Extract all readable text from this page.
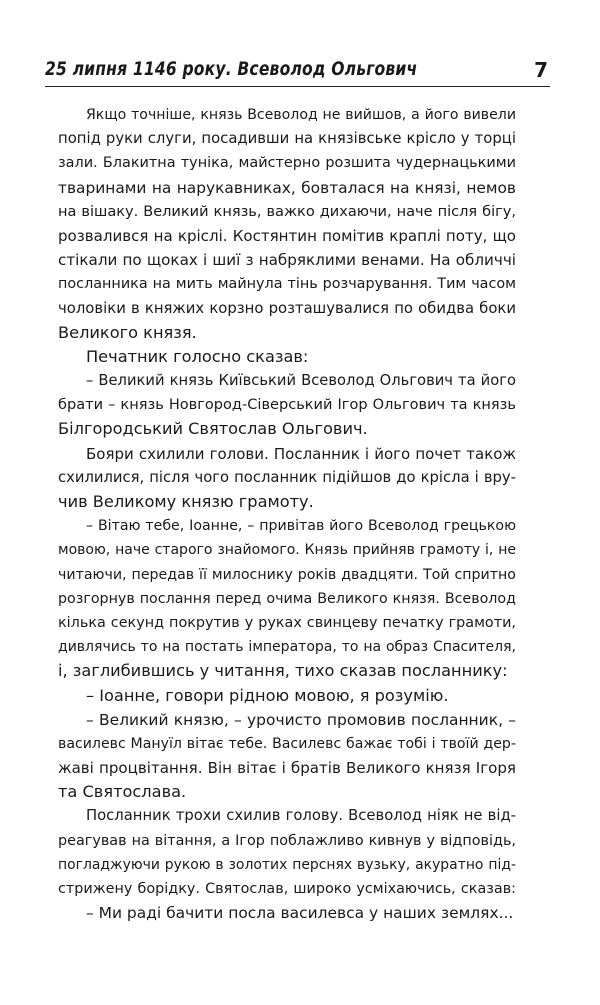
25 липня 1146 року. Всеволод Ольгович	7
Якщо точніше, князь Всеволод не вийшов, а його вивели
попід руки слуги, посадивши на князівське крісло у торці
зали. Блакитна туніка, майстерно розшита чудернацькими
тваринами на нарукавниках, бовталася на князі, немов
на вішаку. Великий князь, важко дихаючи, наче після бігу,
розвалився на кріслі. Костянтин помітив краплі поту, що
стікали по щоках і шиї з набряклими венами. На обличчі
посланника на мить майнула тінь розчарування. Тим часом
чоловіки в княжих корзно розташувалися по обидва боки
Великого князя.
Печатник голосно сказав:
– Великий князь Київський Всеволод Ольгович та його
брати – князь Новгород-Сіверський Ігор Ольгович та князь
Білгородський Святослав Ольгович.
Бояри схилили голови. Посланник і його почет також
схилилися, після чого посланник підійшов до крісла і вру-
чив Великому князю грамоту.
– Вітаю тебе, Іоанне, – привітав його Всеволод грецькою
мовою, наче старого знайомого. Князь прийняв грамоту і, не
читаючи, передав її милоснику років двадцяти. Той спритно
розгорнув послання перед очима Великого князя. Всеволод
кілька секунд покрутив у руках свинцеву печатку грамоти,
дивлячись то на постать імператора, то на образ Спасителя,
і, заглибившись у читання, тихо сказав посланнику:
– Іоанне, говори рідною мовою, я розумію.
– Великий князю, – урочисто промовив посланник, –
василевс Мануїл вітає тебе. Василевс бажає тобі і твоїй дер-
жаві процвітання. Він вітає і братів Великого князя Ігоря
та Святослава.
Посланник трохи схилив голову. Всеволод ніяк не від-
реагував на вітання, а Ігор поблажливо кивнув у відповідь,
погладжуючи рукою в золотих перснях вузьку, акуратно під-
стрижену борідку. Святослав, широко усміхаючись, сказав:
– Ми раді бачити посла василевса у наших землях...
